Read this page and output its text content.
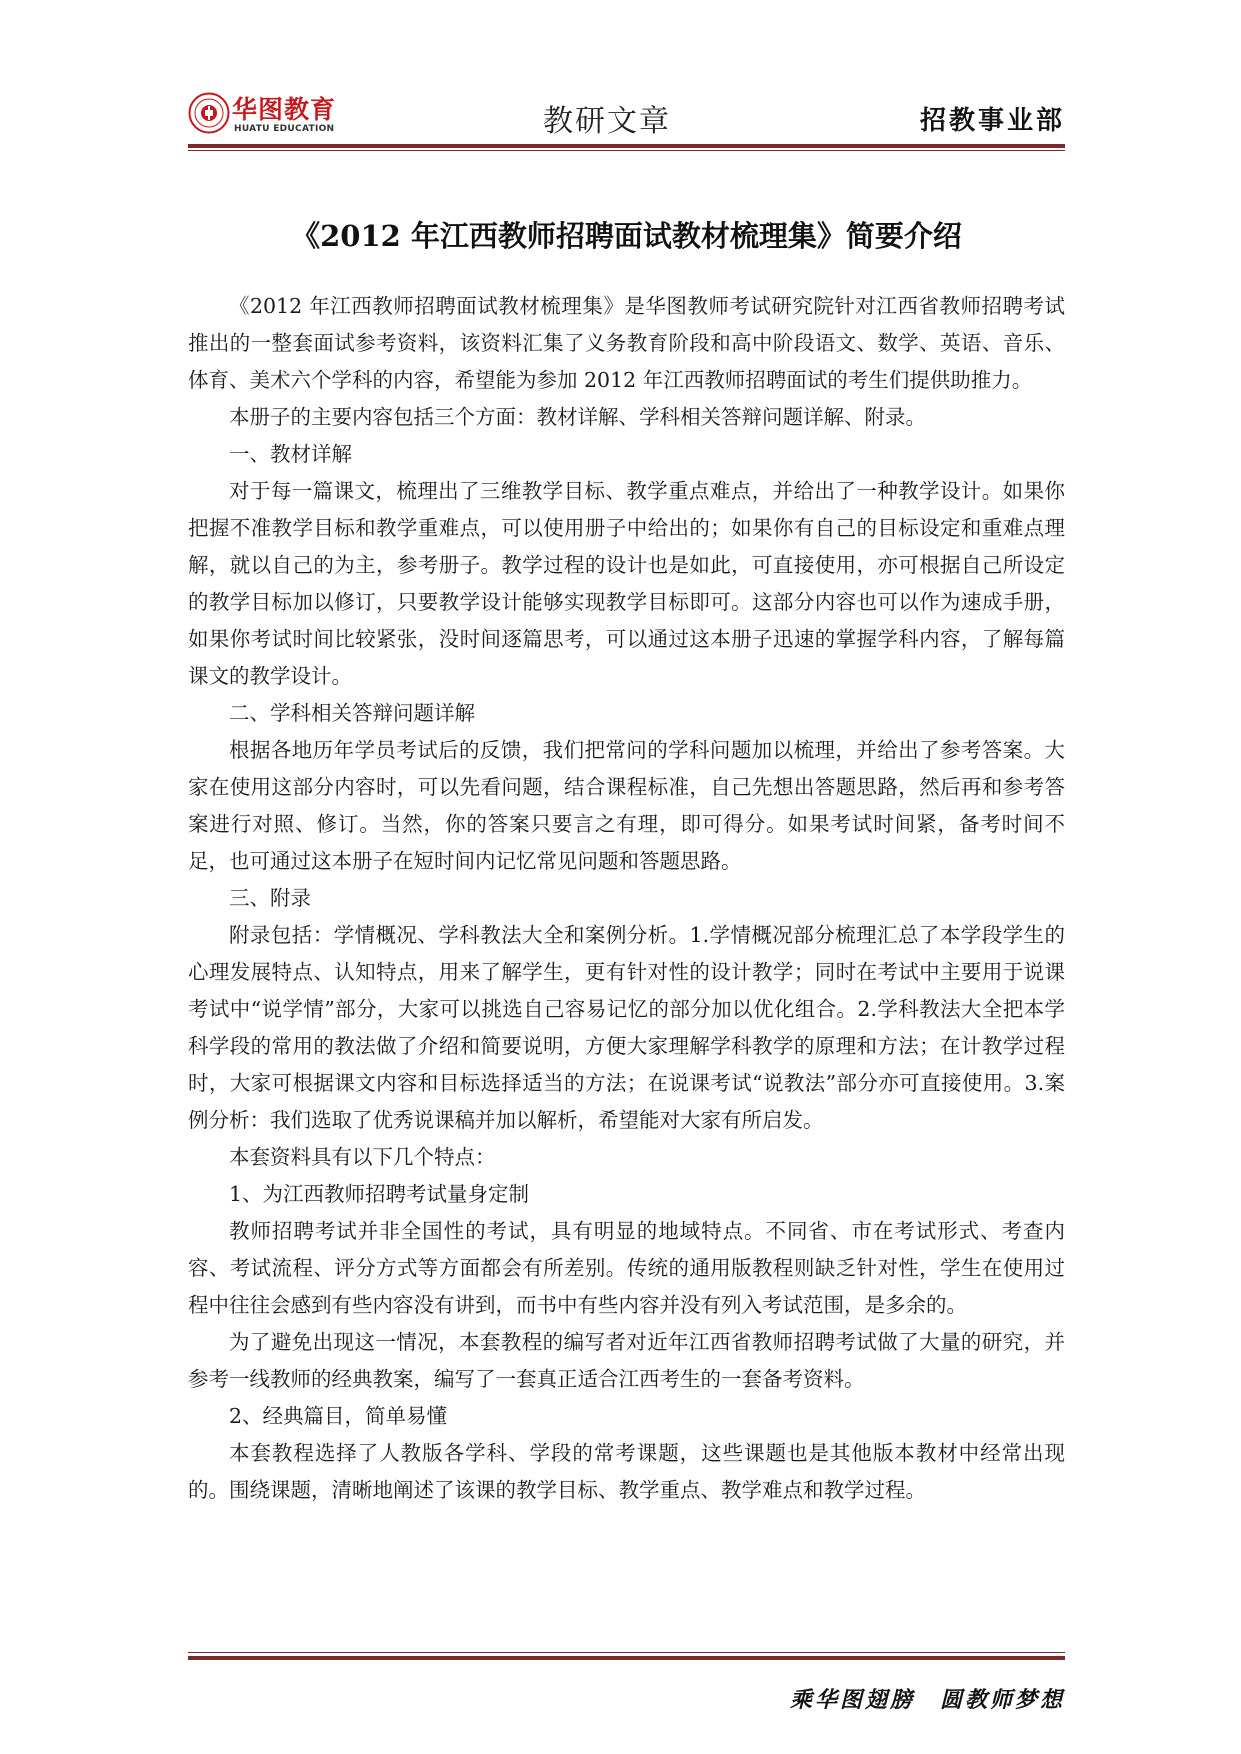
华图教育
HUATU EDUCATION	教研文章	招教事业部
《2012 年江西教师招聘面试教材梳理集》简要介绍

《2012 年江西教师招聘面试教材梳理集》是华图教师考试研究院针对江西省教师招聘考试推出的一整套面试参考资料，该资料汇集了义务教育阶段和高中阶段语文、数学、英语、音乐、体育、美术六个学科的内容，希望能为参加 2012 年江西教师招聘面试的考生们提供助推力。

本册子的主要内容包括三个方面：教材详解、学科相关答辩问题详解、附录。

一、教材详解

对于每一篇课文，梳理出了三维教学目标、教学重点难点，并给出了一种教学设计。如果你把握不准教学目标和教学重难点，可以使用册子中给出的；如果你有自己的目标设定和重难点理解，就以自己的为主，参考册子。教学过程的设计也是如此，可直接使用，亦可根据自己所设定的教学目标加以修订，只要教学设计能够实现教学目标即可。这部分内容也可以作为速成手册，如果你考试时间比较紧张，没时间逐篇思考，可以通过这本册子迅速的掌握学科内容，了解每篇课文的教学设计。

二、学科相关答辩问题详解

根据各地历年学员考试后的反馈，我们把常问的学科问题加以梳理，并给出了参考答案。大家在使用这部分内容时，可以先看问题，结合课程标准，自己先想出答题思路，然后再和参考答案进行对照、修订。当然，你的答案只要言之有理，即可得分。如果考试时间紧，备考时间不足，也可通过这本册子在短时间内记忆常见问题和答题思路。

三、附录

附录包括：学情概况、学科教法大全和案例分析。1.学情概况部分梳理汇总了本学段学生的心理发展特点、认知特点，用来了解学生，更有针对性的设计教学；同时在考试中主要用于说课考试中“说学情”部分，大家可以挑选自己容易记忆的部分加以优化组合。2.学科教法大全把本学科学段的常用的教法做了介绍和简要说明，方便大家理解学科教学的原理和方法；在计教学过程时，大家可根据课文内容和目标选择适当的方法；在说课考试“说教法”部分亦可直接使用。3.案例分析：我们选取了优秀说课稿并加以解析，希望能对大家有所启发。

本套资料具有以下几个特点：

1、为江西教师招聘考试量身定制

教师招聘考试并非全国性的考试，具有明显的地域特点。不同省、市在考试形式、考查内容、考试流程、评分方式等方面都会有所差别。传统的通用版教程则缺乏针对性，学生在使用过程中往往会感到有些内容没有讲到，而书中有些内容并没有列入考试范围，是多余的。

为了避免出现这一情况，本套教程的编写者对近年江西省教师招聘考试做了大量的研究，并参考一线教师的经典教案，编写了一套真正适合江西考生的一套备考资料。

2、经典篇目，简单易懂

本套教程选择了人教版各学科、学段的常考课题，这些课题也是其他版本教材中经常出现的。围绕课题，清晰地阐述了该课的教学目标、教学重点、教学难点和教学过程。

乘华图翅膀　圆教师梦想
